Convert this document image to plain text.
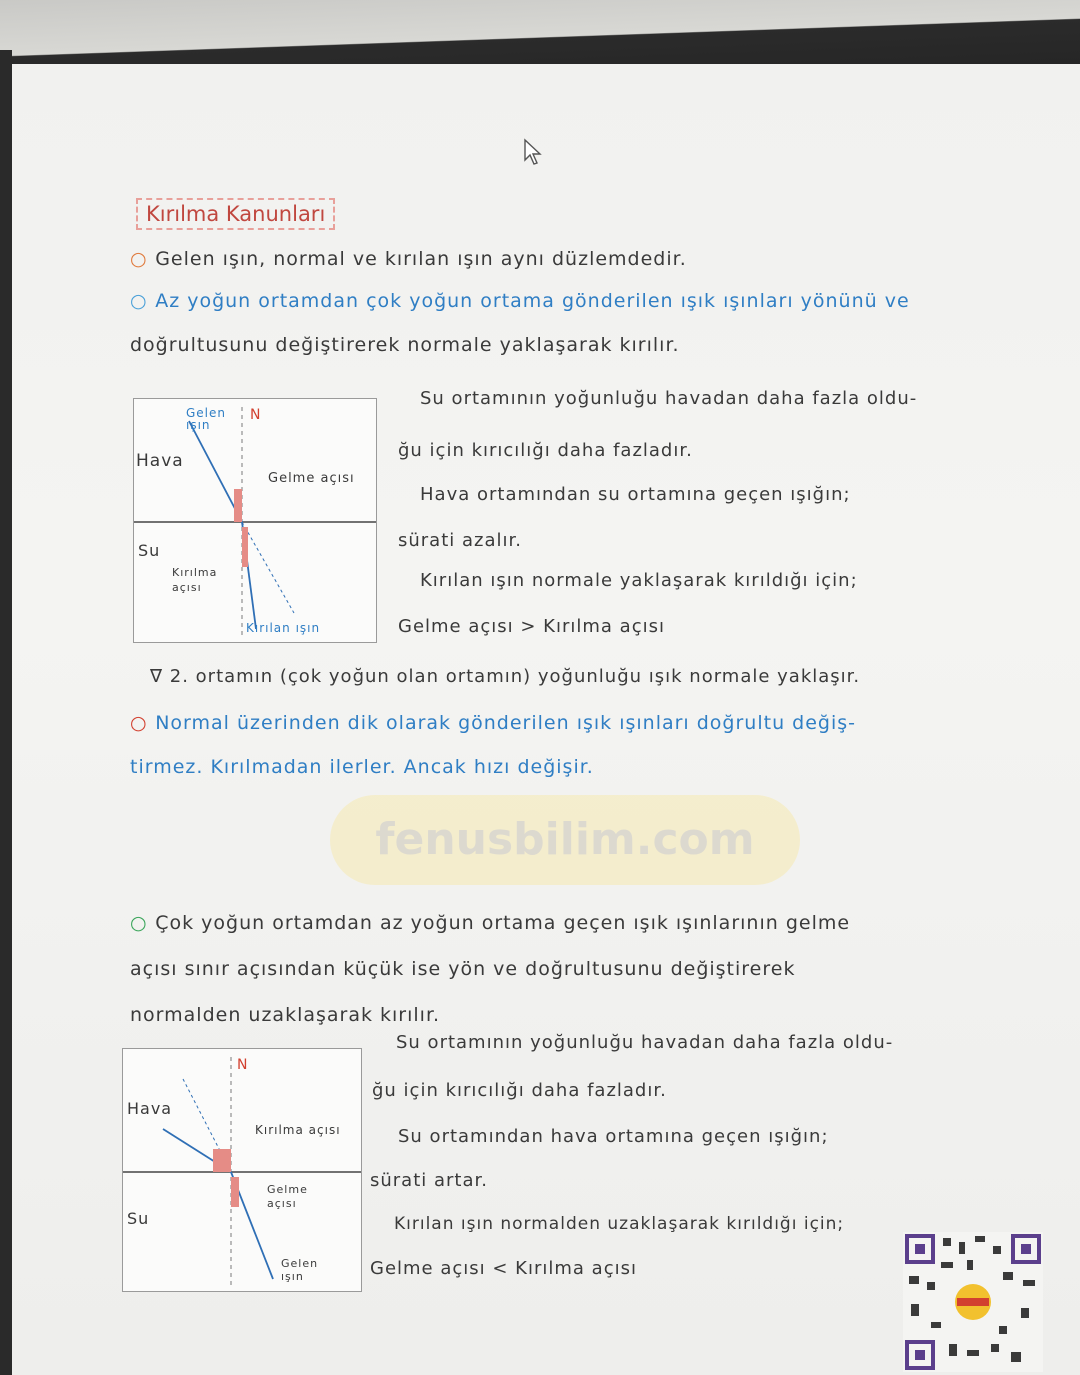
Kırılma Kanunları
○ Gelen ışın, normal ve kırılan ışın aynı düzlemdedir.
○ Az yoğun ortamdan çok yoğun ortama gönderilen ışık ışınları yönünü ve
doğrultusunu değiştirerek normale yaklaşarak kırılır.
Hava
Su
Gelen ışın
N
Gelme açısı
Kırılma açısı
Kırılan ışın
Su ortamının yoğunluğu havadan daha fazla oldu-
ğu için kırıcılığı daha fazladır.
Hava ortamından su ortamına geçen ışığın;
sürati azalır.
Kırılan ışın normale yaklaşarak kırıldığı için;
Gelme açısı > Kırılma açısı
∇ 2. ortamın (çok yoğun olan ortamın) yoğunluğu ışık normale yaklaşır.
○ Normal üzerinden dik olarak gönderilen ışık ışınları doğrultu değiş-
tirmez. Kırılmadan ilerler. Ancak hızı değişir.
fenusbilim.com
○ Çok yoğun ortamdan az yoğun ortama geçen ışık ışınlarının gelme
açısı sınır açısından küçük ise yön ve doğrultusunu değiştirerek
normalden uzaklaşarak kırılır.
Hava
Su
N
Kırılma açısı
Gelme açısı
Gelen ışın
Su ortamının yoğunluğu havadan daha fazla oldu-
ğu için kırıcılığı daha fazladır.
Su ortamından hava ortamına geçen ışığın;
sürati artar.
Kırılan ışın normalden uzaklaşarak kırıldığı için;
Gelme açısı < Kırılma açısı
